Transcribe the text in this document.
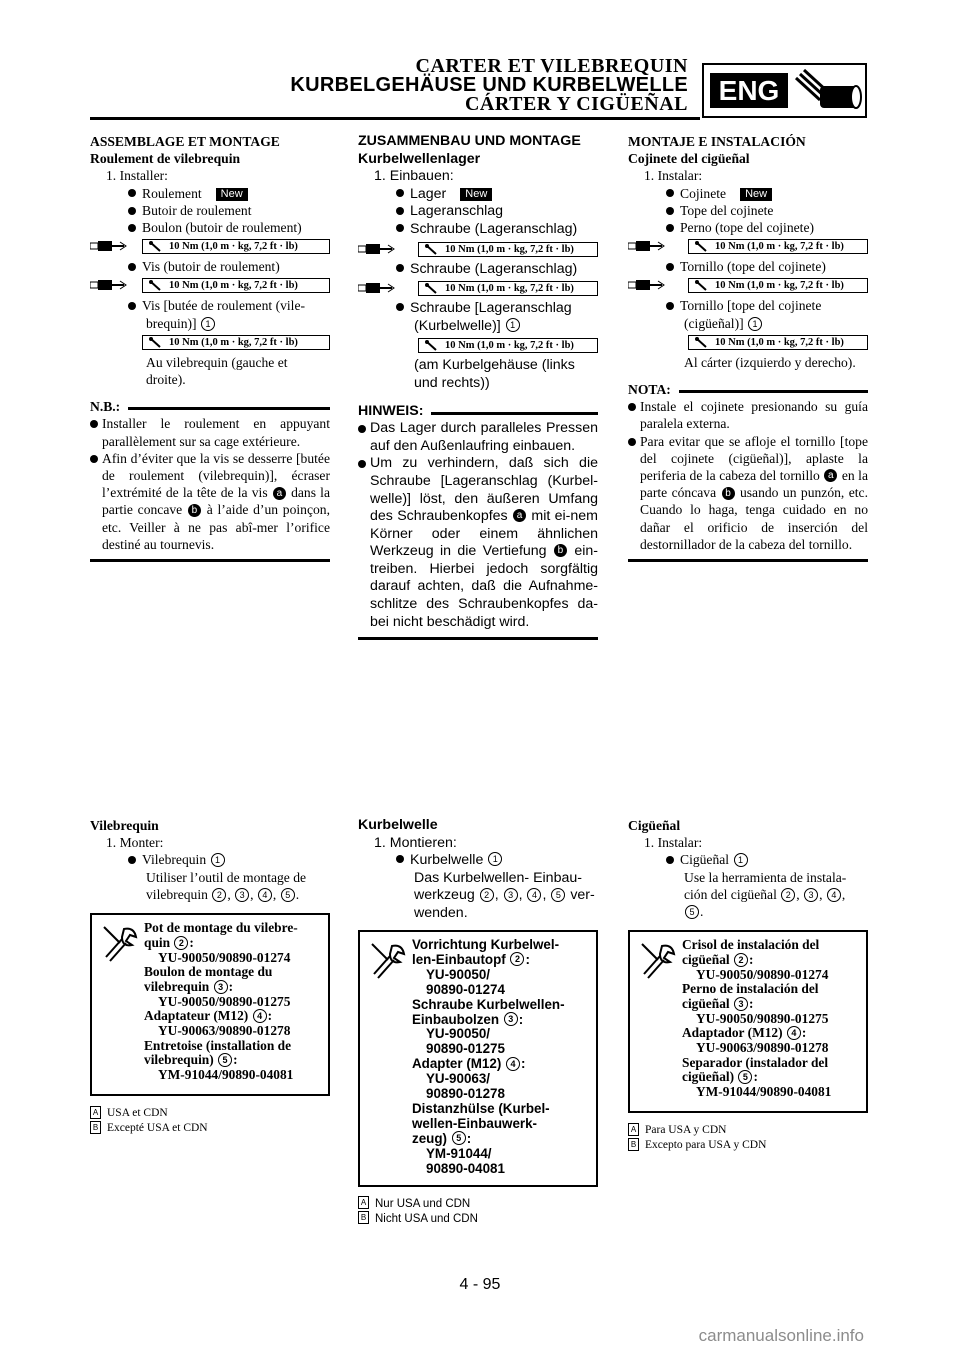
CARTER ET VILEBREQUIN
KURBELGEHÄUSE UND KURBELWELLE
CÁRTER Y CIGÜEÑAL	ENG
ASSEMBLAGE ET MONTAGE
Roulement de vilebrequin
1. Installer:
Roulement New
Butoir de roulement
Boulon (butoir de roulement)
10 Nm (1,0 m · kg, 7,2 ft · lb)
Vis (butoir de roulement)
10 Nm (1,0 m · kg, 7,2 ft · lb)
Vis [butée de roulement (vile-
brequin)] 1
10 Nm (1,0 m · kg, 7,2 ft · lb)
Au vilebrequin (gauche et
droite).
N.B.:
Installer le roulement en appuyant parallèlement sur sa cage extérieure.
Afin d’éviter que la vis se desserre [butée de roulement (vilebrequin)], écraser l’extrémité de la tête de la vis a dans la partie concave b à l’aide d’un poinçon, etc. Veiller à ne pas abî-mer l’orifice destiné au tournevis.
Vilebrequin
1. Monter:
Vilebrequin 1
Utiliser l’outil de montage de
vilebrequin 2 , 3 , 4 , 5 .
Pot de montage du vilebre-
quin 2 :
YU-90050/90890-01274
Boulon de montage du
vilebrequin 3 :
YU-90050/90890-01275
Adaptateur (M12) 4 :
YU-90063/90890-01278
Entretoise (installation de
vilebrequin) 5 :
YM-91044/90890-04081
A USA et CDN
B Excepté USA et CDN
ZUSAMMENBAU UND MONTAGE
Kurbelwellenlager
1. Einbauen:
Lager New
Lageranschlag
Schraube (Lageranschlag)
10 Nm (1,0 m · kg, 7,2 ft · lb)
Schraube (Lageranschlag)
10 Nm (1,0 m · kg, 7,2 ft · lb)
Schraube [Lageranschlag
(Kurbelwelle)] 1
10 Nm (1,0 m · kg, 7,2 ft · lb)
(am Kurbelgehäuse (links
und rechts))
HINWEIS:
Das Lager durch paralleles Pressen auf den Außenlaufring einbauen.
Um zu verhindern, daß sich die Schraube [Lageranschlag (Kurbel-welle)] löst, den äußeren Umfang des Schraubenkopfes a mit ei-nem Körner oder einem ähnlichen Werkzeug in die Vertiefung b ein-treiben. Hierbei jedoch sorgfältig darauf achten, daß die Aufnahme-schlitze des Schraubenkopfes da-bei nicht beschädigt wird.
Kurbelwelle
1. Montieren:
Kurbelwelle 1
Das Kurbelwellen- Einbau-
werkzeug 2 , 3 , 4 , 5 ver-
wenden.
Vorrichtung Kurbelwel-
len-Einbautopf 2 :
YU-90050/
90890-01274
Schraube Kurbelwellen-
Einbaubolzen 3 :
YU-90050/
90890-01275
Adapter (M12) 4 :
YU-90063/
90890-01278
Distanzhülse (Kurbel-
wellen-Einbauwerk-
zeug) 5 :
YM-91044/
90890-04081
A Nur USA und CDN
B Nicht USA und CDN
MONTAJE E INSTALACIÓN
Cojinete del cigüeñal
1. Instalar:
Cojinete New
Tope del cojinete
Perno (tope del cojinete)
10 Nm (1,0 m · kg, 7,2 ft · lb)
Tornillo (tope del cojinete)
10 Nm (1,0 m · kg, 7,2 ft · lb)
Tornillo [tope del cojinete
(cigüeñal)] 1
10 Nm (1,0 m · kg, 7,2 ft · lb)
Al cárter (izquierdo y derecho).
NOTA:
Instale el cojinete presionando su guía paralela externa.
Para evitar que se afloje el tornillo [tope del cojinete (cigüeñal)], aplaste la periferia de la cabeza del tornillo a en la parte cóncava b usando un punzón, etc. Cuando lo haga, tenga cuidado en no dañar el orificio de inserción del destornillador de la cabeza del tornillo.
Cigüeñal
1. Instalar:
Cigüeñal 1
Use la herramienta de instala-
ción del cigüeñal 2 , 3 , 4 ,
5 .
Crisol de instalación del
cigüeñal 2 :
YU-90050/90890-01274
Perno de instalación del
cigüeñal 3 :
YU-90050/90890-01275
Adaptador (M12) 4 :
YU-90063/90890-01278
Separador (instalador del
cigüeñal) 5 :
YM-91044/90890-04081
A Para USA y CDN
B Excepto para USA y CDN
4 - 95
carmanualsonline.info
